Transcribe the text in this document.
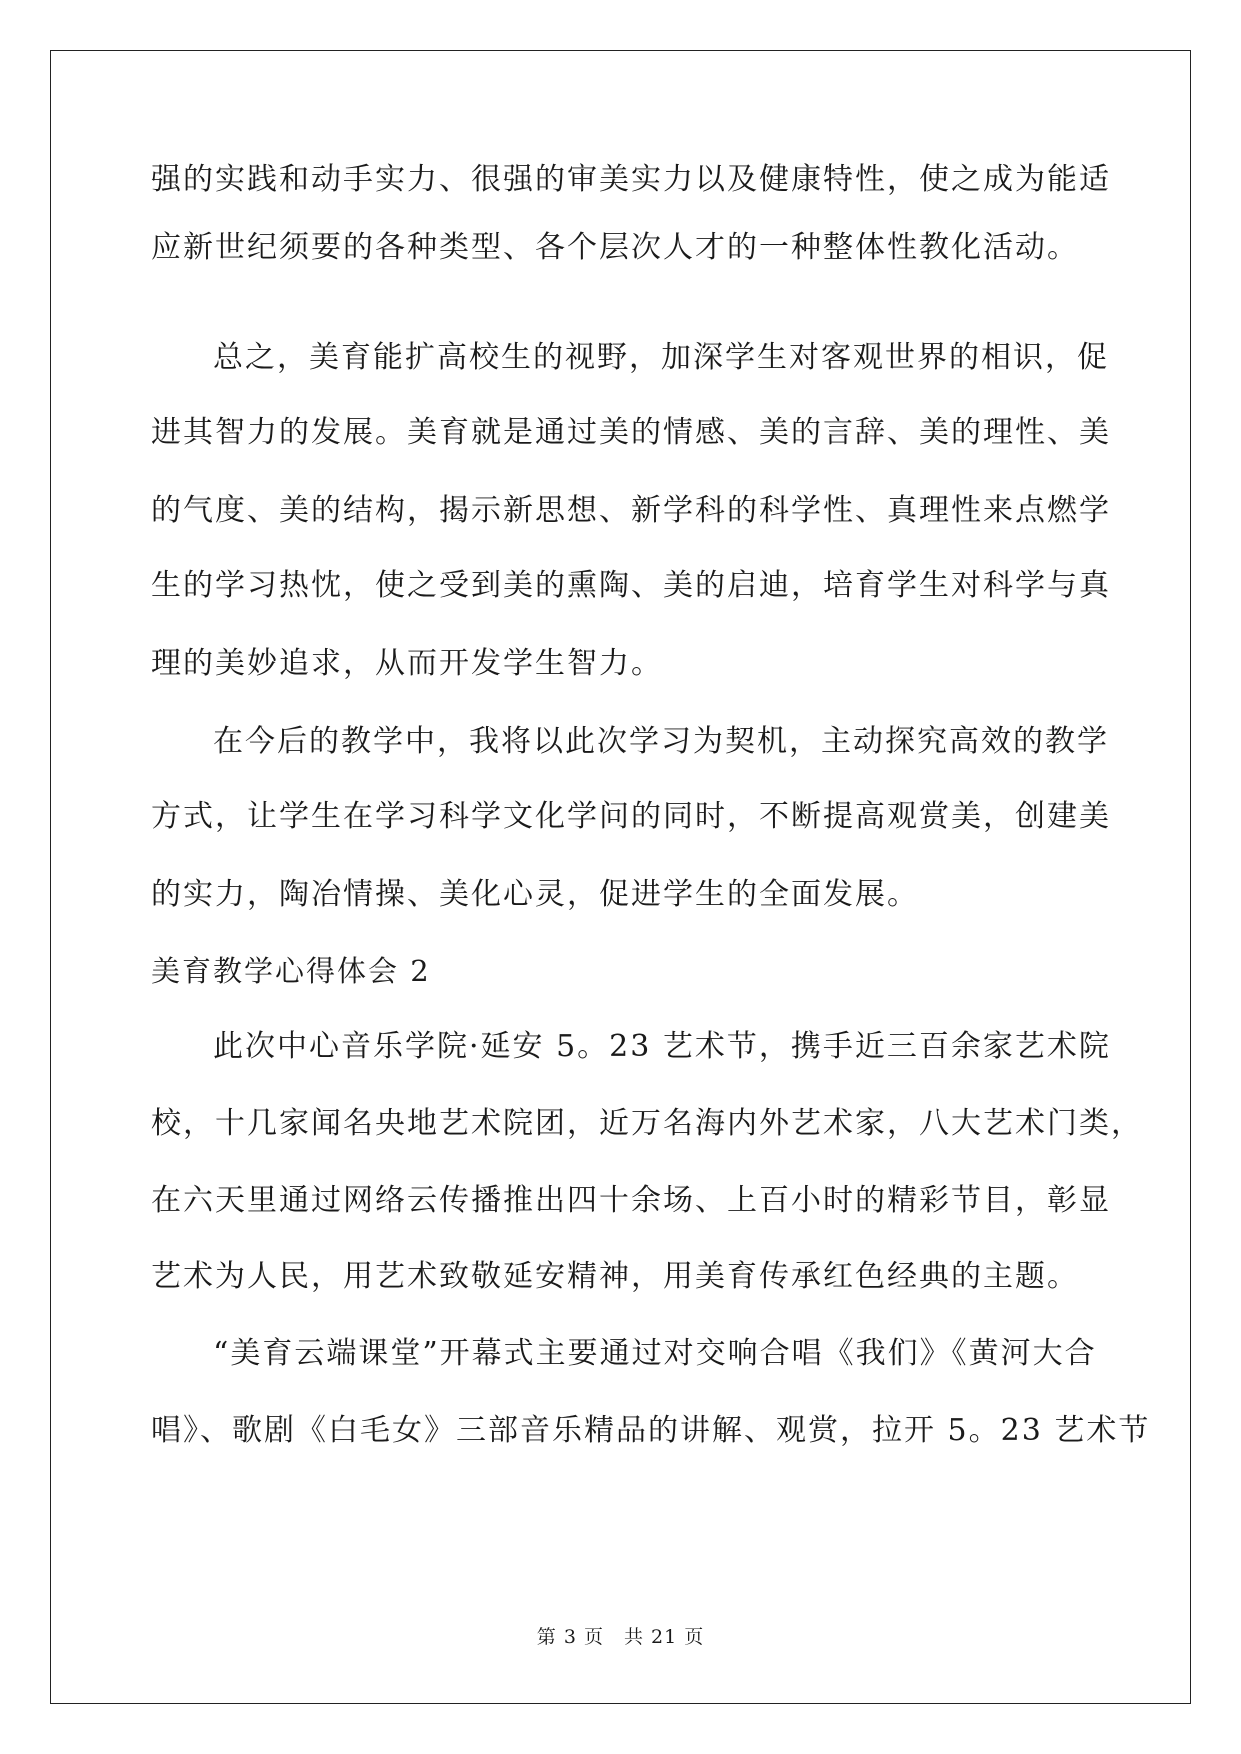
强的实践和动手实力、很强的审美实力以及健康特性，使之成为能适
应新世纪须要的各种类型、各个层次人才的一种整体性教化活动。
总之，美育能扩高校生的视野，加深学生对客观世界的相识，促
进其智力的发展。美育就是通过美的情感、美的言辞、美的理性、美
的气度、美的结构，揭示新思想、新学科的科学性、真理性来点燃学
生的学习热忱，使之受到美的熏陶、美的启迪，培育学生对科学与真
理的美妙追求，从而开发学生智力。
在今后的教学中，我将以此次学习为契机，主动探究高效的教学
方式，让学生在学习科学文化学问的同时，不断提高观赏美，创建美
的实力，陶冶情操、美化心灵，促进学生的全面发展。
美育教学心得体会 2
此次中心音乐学院·延安 5。23 艺术节，携手近三百余家艺术院
校，十几家闻名央地艺术院团，近万名海内外艺术家，八大艺术门类，
在六天里通过网络云传播推出四十余场、上百小时的精彩节目，彰显
艺术为人民，用艺术致敬延安精神，用美育传承红色经典的主题。
“美育云端课堂”开幕式主要通过对交响合唱《我们》《黄河大合
唱》、歌剧《白毛女》三部音乐精品的讲解、观赏，拉开 5。23 艺术节
第 3 页　共 21 页
